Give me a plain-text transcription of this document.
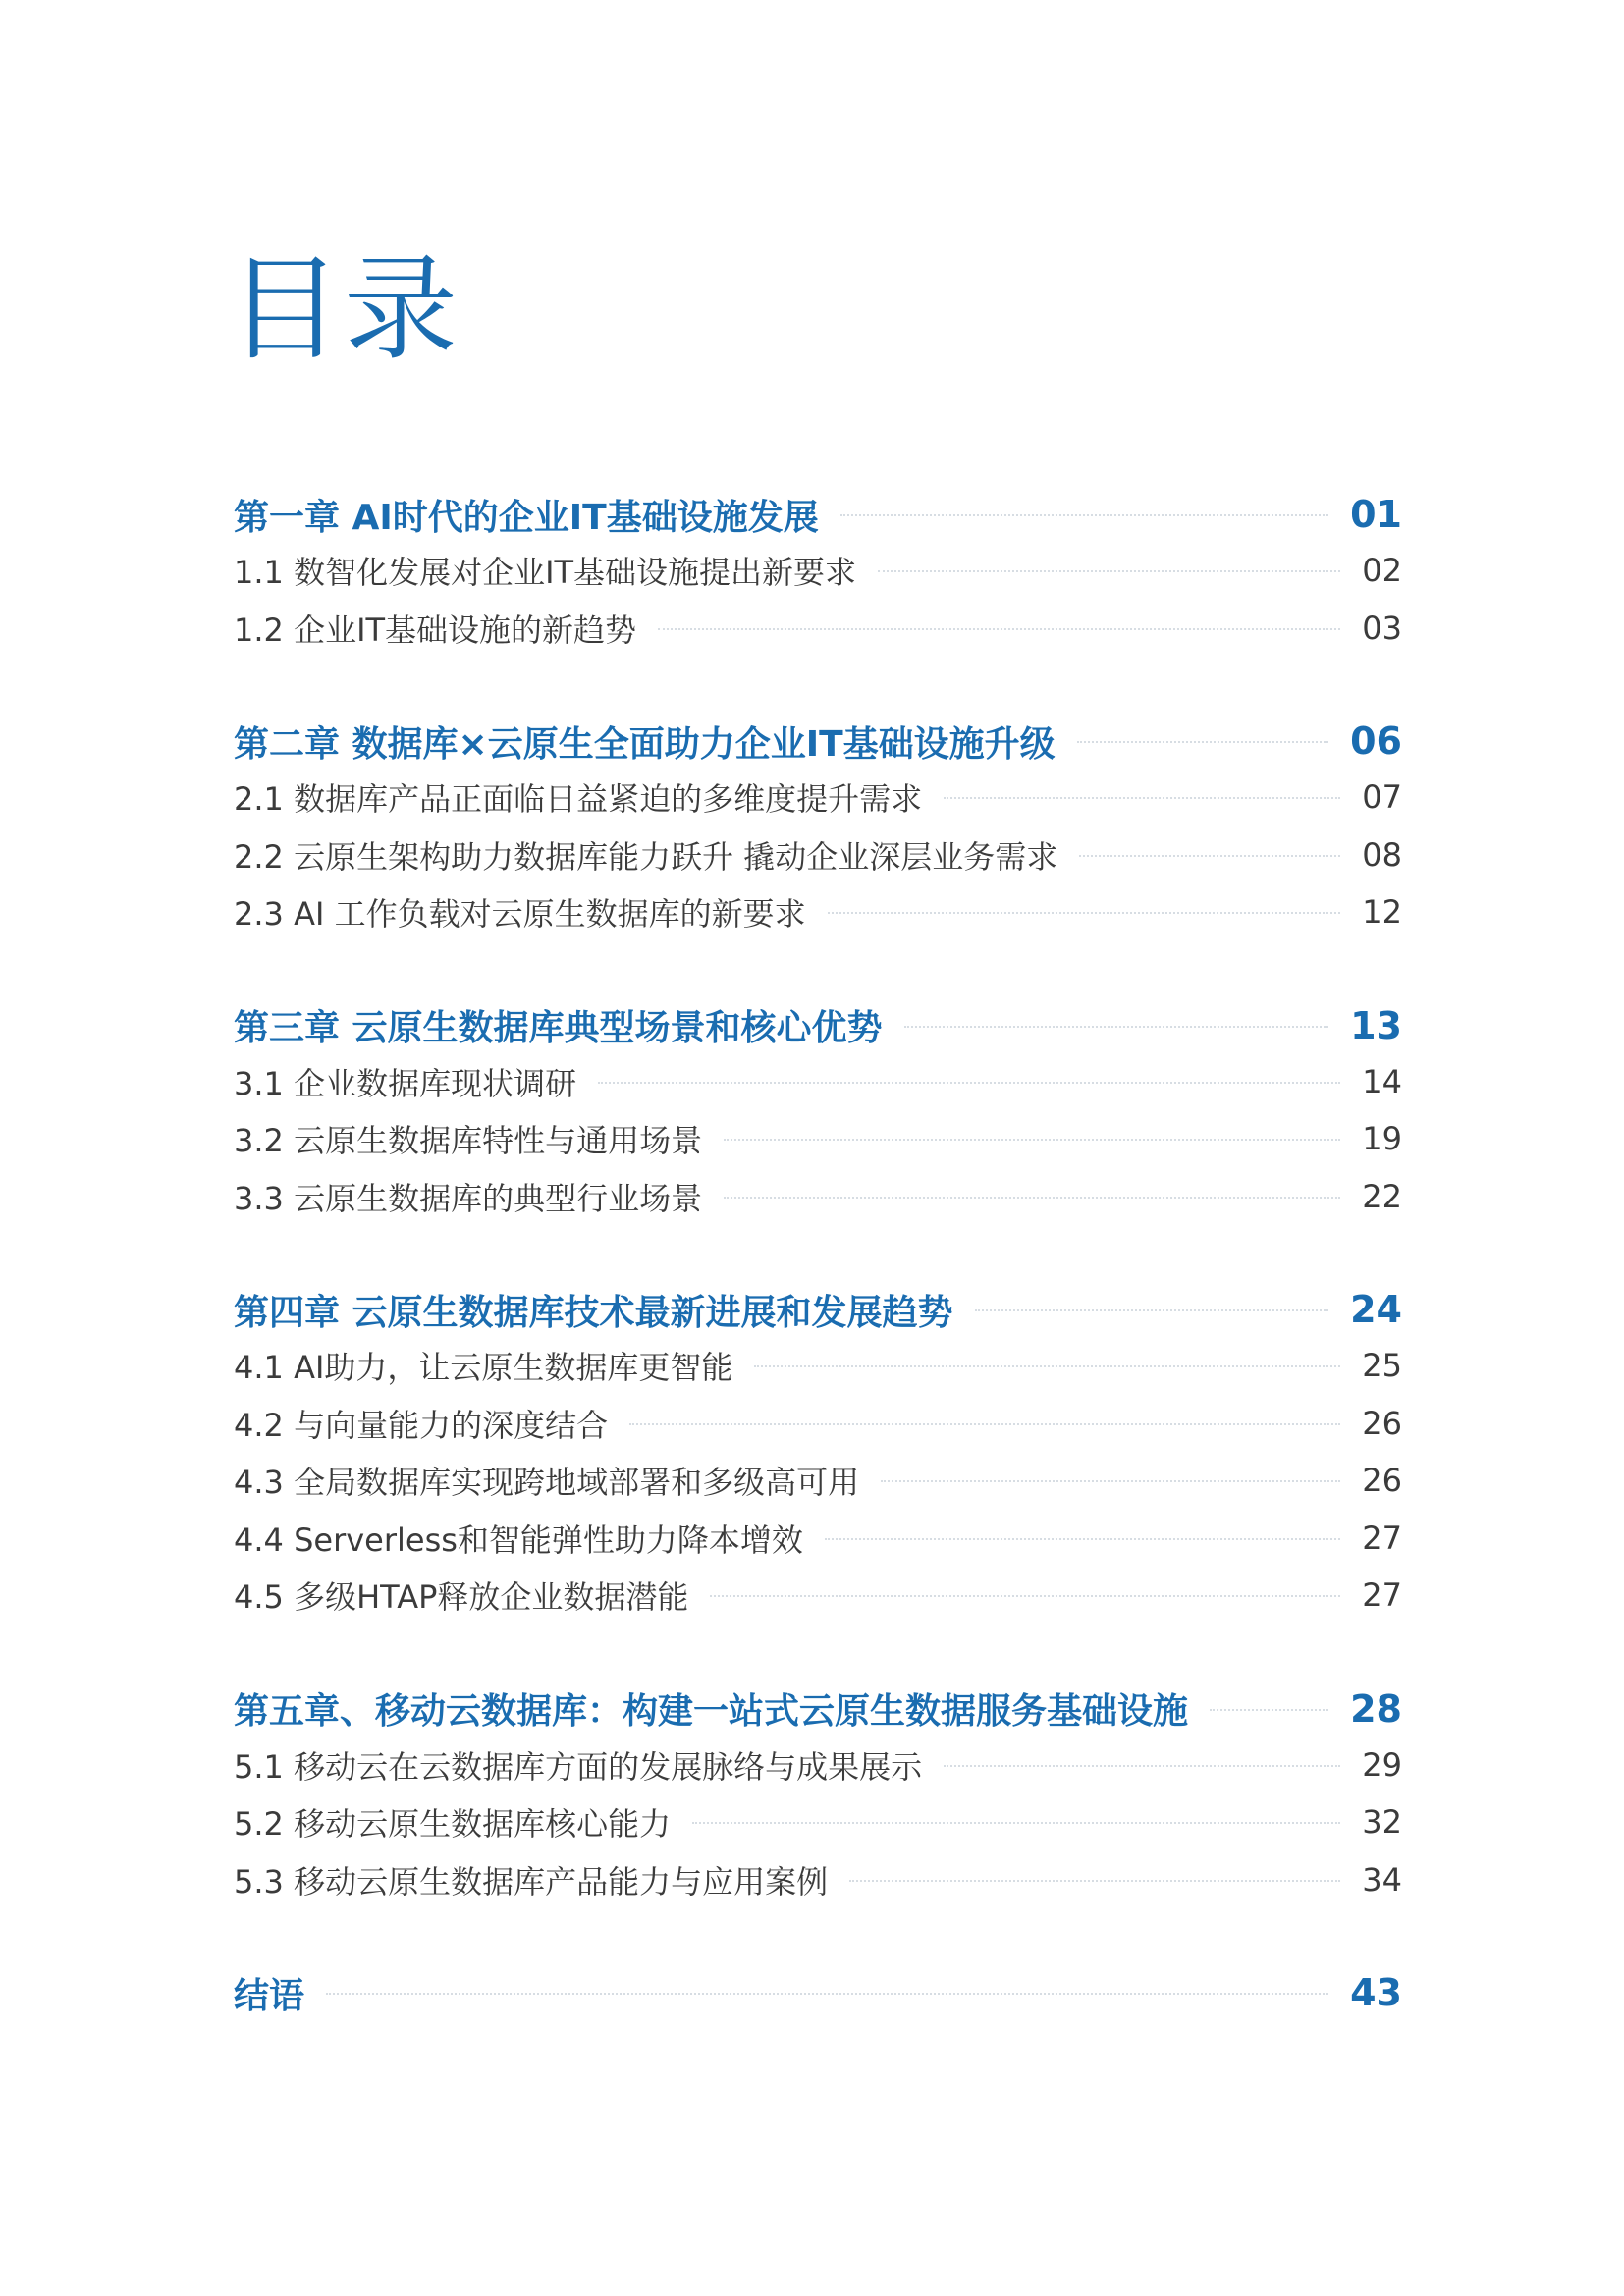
目录
第一章 AI时代的企业IT基础设施发展	01
1.1 数智化发展对企业IT基础设施提出新要求	02
1.2 企业IT基础设施的新趋势	03
第二章 数据库×云原生全面助力企业IT基础设施升级	06
2.1 数据库产品正面临日益紧迫的多维度提升需求	07
2.2 云原生架构助力数据库能力跃升 撬动企业深层业务需求	08
2.3 AI 工作负载对云原生数据库的新要求	12
第三章 云原生数据库典型场景和核心优势	13
3.1 企业数据库现状调研	14
3.2 云原生数据库特性与通用场景	19
3.3 云原生数据库的典型行业场景	22
第四章 云原生数据库技术最新进展和发展趋势	24
4.1 AI助力，让云原生数据库更智能	25
4.2 与向量能力的深度结合	26
4.3 全局数据库实现跨地域部署和多级高可用	26
4.4 Serverless和智能弹性助力降本增效	27
4.5 多级HTAP释放企业数据潜能	27
第五章、移动云数据库：构建一站式云原生数据服务基础设施	28
5.1 移动云在云数据库方面的发展脉络与成果展示	29
5.2 移动云原生数据库核心能力	32
5.3 移动云原生数据库产品能力与应用案例	34
结语	43
